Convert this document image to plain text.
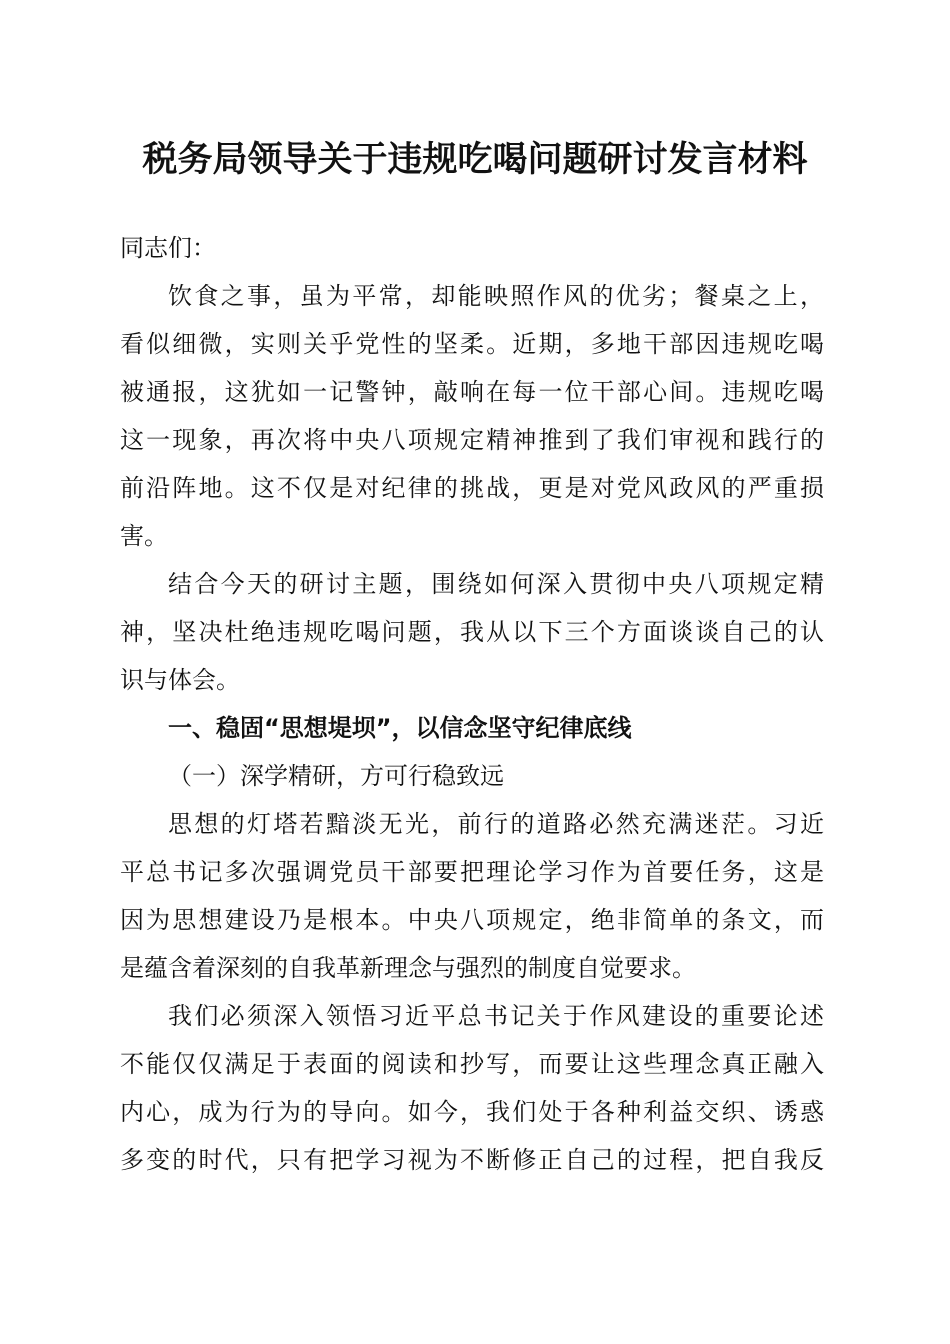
税务局领导关于违规吃喝问题研讨发言材料
同志们：
饮食之事，虽为平常，却能映照作风的优劣；餐桌之上，
看似细微，实则关乎党性的坚柔。近期，多地干部因违规吃喝
被通报，这犹如一记警钟，敲响在每一位干部心间。违规吃喝
这一现象，再次将中央八项规定精神推到了我们审视和践行的
前沿阵地。这不仅是对纪律的挑战，更是对党风政风的严重损
害。
结合今天的研讨主题，围绕如何深入贯彻中央八项规定精
神，坚决杜绝违规吃喝问题，我从以下三个方面谈谈自己的认
识与体会。
一、稳固“思想堤坝”，以信念坚守纪律底线
（一）深学精研，方可行稳致远
思想的灯塔若黯淡无光，前行的道路必然充满迷茫。习近
平总书记多次强调党员干部要把理论学习作为首要任务，这是
因为思想建设乃是根本。中央八项规定，绝非简单的条文，而
是蕴含着深刻的自我革新理念与强烈的制度自觉要求。
我们必须深入领悟习近平总书记关于作风建设的重要论述
不能仅仅满足于表面的阅读和抄写，而要让这些理念真正融入
内心，成为行为的导向。如今，我们处于各种利益交织、诱惑
多变的时代，只有把学习视为不断修正自己的过程，把自我反
